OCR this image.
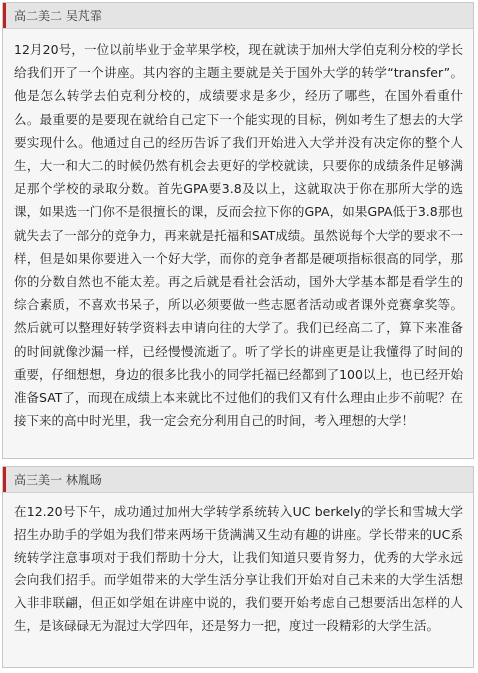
高二美二 吴芃霏
12月20号，一位以前毕业于金苹果学校，现在就读于加州大学伯克利分校的学长给我们开了一个讲座。其内容的主题主要就是关于国外大学的转学“transfer”。他是怎么转学去伯克利分校的，成绩要求是多少，经历了哪些，在国外看重什么。最重要的是要现在就给自己定下一个能实现的目标，例如考生了想去的大学要实现什么。他通过自己的经历告诉了我们开始进入大学并没有决定你的整个人生，大一和大二的时候仍然有机会去更好的学校就读，只要你的成绩条件足够满足那个学校的录取分数。首先GPA要3.8及以上，这就取决于你在那所大学的选课，如果选一门你不是很擅长的课，反而会拉下你的GPA，如果GPA低于3.8那也就失去了一部分的竞争力，再来就是托福和SAT成绩。虽然说每个大学的要求不一样，但是如果你要进入一个好大学，而你的竞争者都是硬项指标很高的同学，那你的分数自然也不能太差。再之后就是看社会活动，国外大学基本都是看学生的综合素质，不喜欢书呆子，所以必须要做一些志愿者活动或者课外竞赛拿奖等。然后就可以整理好转学资料去申请向往的大学了。我们已经高二了，算下来准备的时间就像沙漏一样，已经慢慢流逝了。听了学长的讲座更是让我懂得了时间的重要，仔细想想，身边的很多比我小的同学托福已经都到了100以上，也已经开始准备SAT了，而现在成绩上本来就比不过他们的我们又有什么理由止步不前呢？在接下来的高中时光里，我一定会充分利用自己的时间，考入理想的大学！
高三美一 林胤旸
在12.20号下午，成功通过加州大学转学系统转入UC berkely的学长和雪城大学招生办助手的学姐为我们带来两场干货满满又生动有趣的讲座。学长带来的UC系统转学注意事项对于我们帮助十分大，让我们知道只要肯努力，优秀的大学永远会向我们招手。而学姐带来的大学生活分享让我们开始对自己未来的大学生活想入非非联翩，但正如学姐在讲座中说的，我们要开始考虑自己想要活出怎样的人生，是该碌碌无为混过大学四年，还是努力一把，度过一段精彩的大学生活。
